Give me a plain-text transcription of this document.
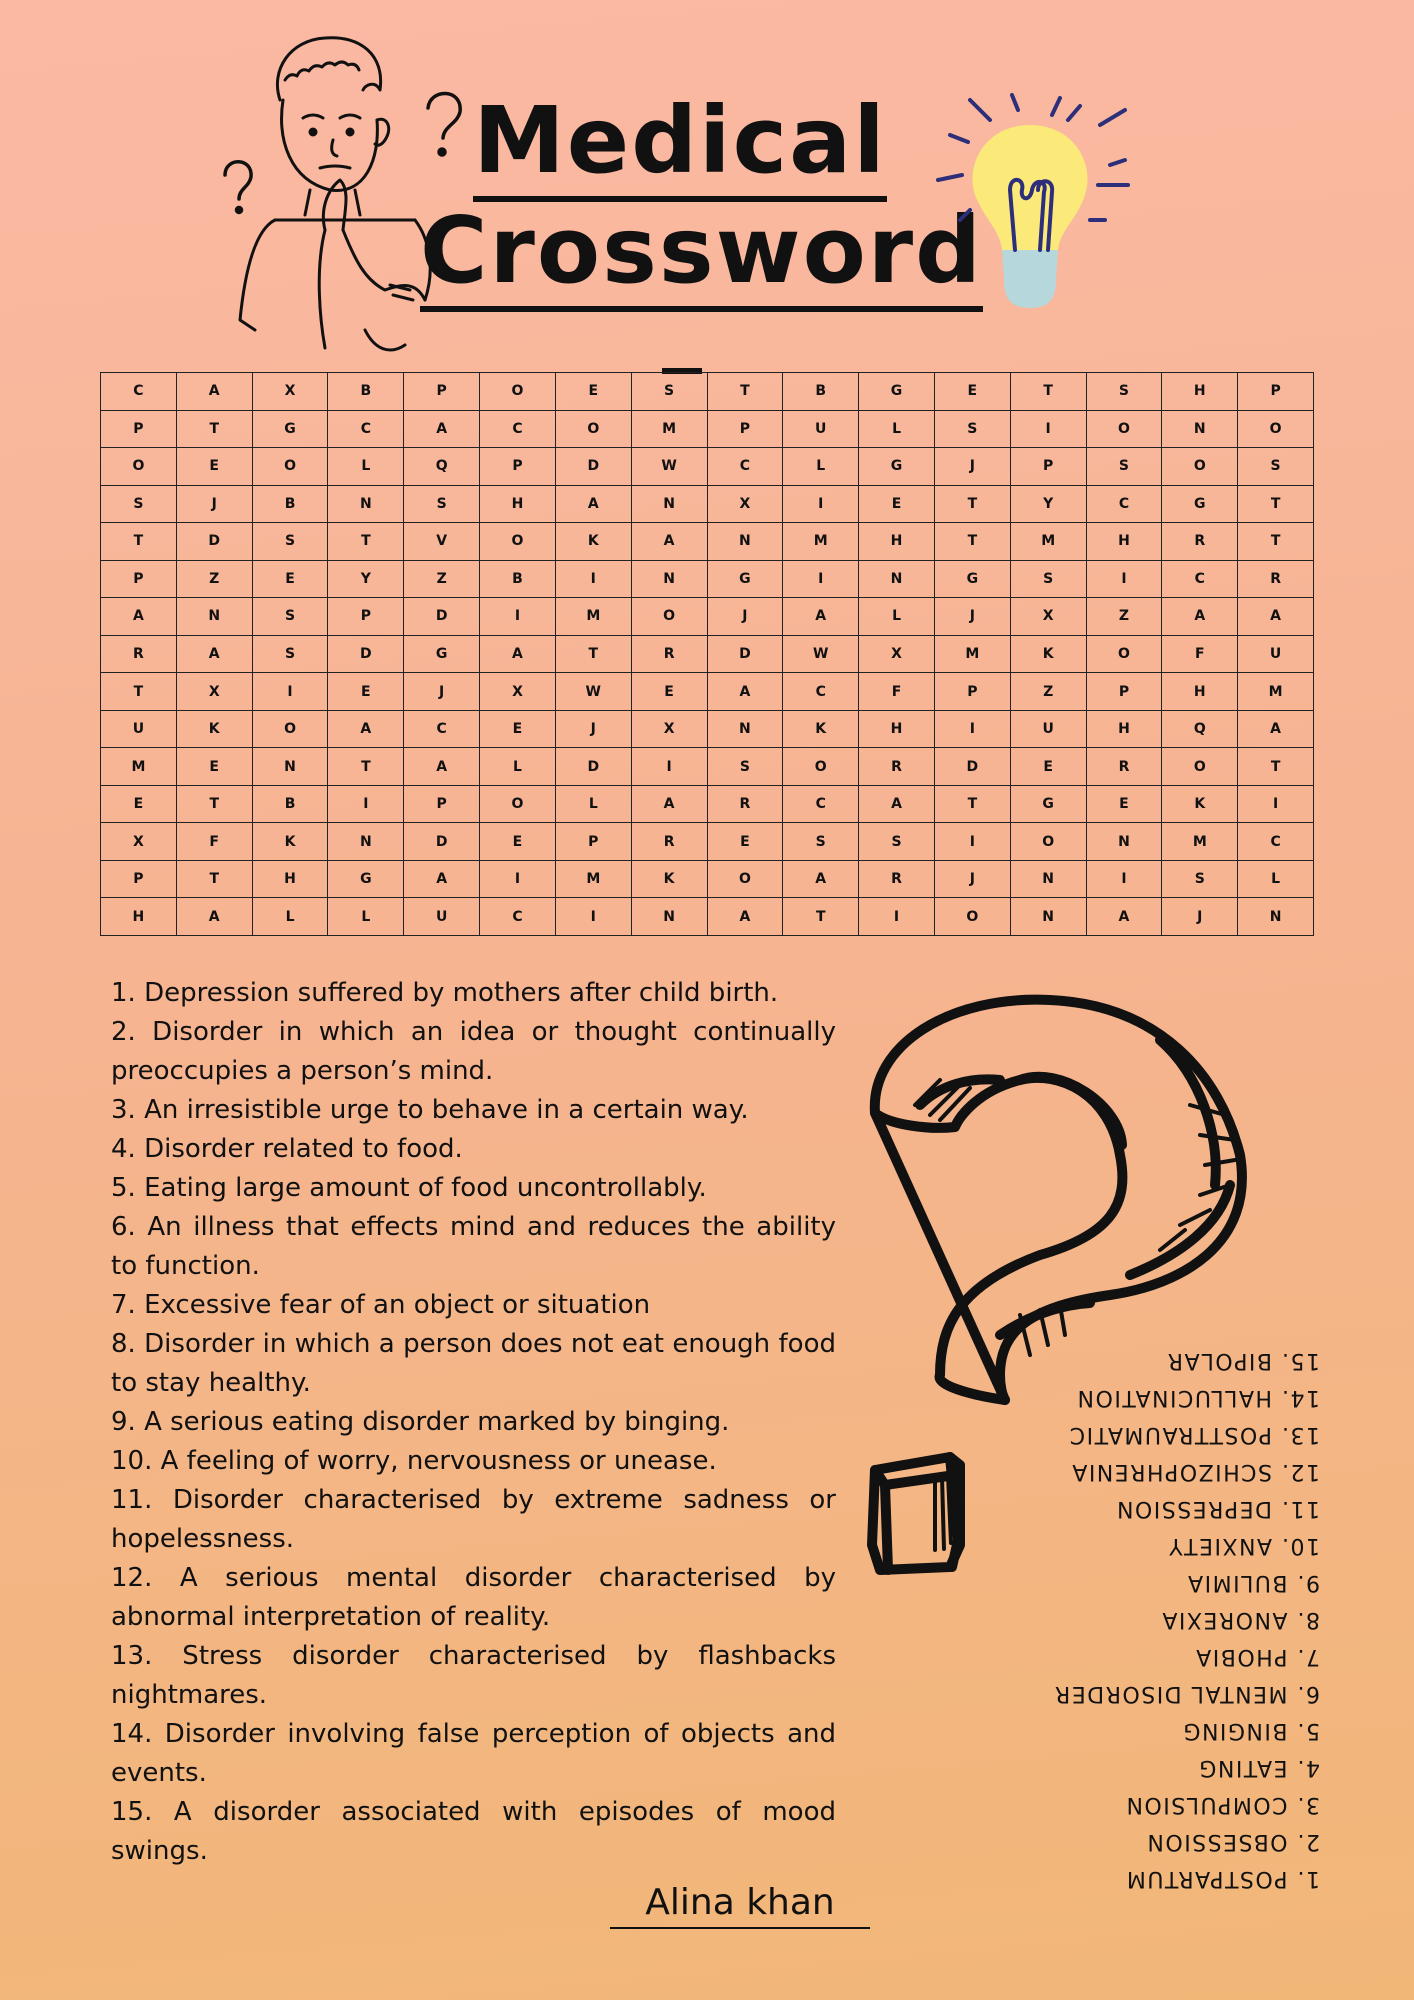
Medical
Crossword
C	A	X	B	P	O	E	S	T	B	G	E	T	S	H	P
P	T	G	C	A	C	O	M	P	U	L	S	I	O	N	O
O	E	O	L	Q	P	D	W	C	L	G	J	P	S	O	S
S	J	B	N	S	H	A	N	X	I	E	T	Y	C	G	T
T	D	S	T	V	O	K	A	N	M	H	T	M	H	R	T
P	Z	E	Y	Z	B	I	N	G	I	N	G	S	I	C	R
A	N	S	P	D	I	M	O	J	A	L	J	X	Z	A	A
R	A	S	D	G	A	T	R	D	W	X	M	K	O	F	U
T	X	I	E	J	X	W	E	A	C	F	P	Z	P	H	M
U	K	O	A	C	E	J	X	N	K	H	I	U	H	Q	A
M	E	N	T	A	L	D	I	S	O	R	D	E	R	O	T
E	T	B	I	P	O	L	A	R	C	A	T	G	E	K	I
X	F	K	N	D	E	P	R	E	S	S	I	O	N	M	C
P	T	H	G	A	I	M	K	O	A	R	J	N	I	S	L
H	A	L	L	U	C	I	N	A	T	I	O	N	A	J	N
1. Depression suffered by mothers after child birth.
2. Disorder in which an idea or thought continually preoccupies a person’s mind.
3. An irresistible urge to behave in a certain way.
4. Disorder related to food.
5. Eating large amount of food uncontrollably.
6. An illness that effects mind and reduces the ability to function.
7. Excessive fear of an object or situation
8. Disorder in which a person does not eat enough food to stay healthy.
9. A serious eating disorder marked by binging.
10. A feeling of worry, nervousness or unease.
11. Disorder characterised by extreme sadness or hopelessness.
12. A serious mental disorder characterised by abnormal interpretation of reality.
13. Stress disorder characterised by flashbacks nightmares.
14. Disorder involving false perception of objects and events.
15. A disorder associated with episodes of mood swings.
1. POSTPARTUM
2. OBSESSION
3. COMPULSION
4. EATING
5. BINGING
6. MENTAL DISORDER
7. PHOBIA
8. ANOREXIA
9. BULIMIA
10. ANXIETY
11. DEPRESSION
12. SCHIZOPHRENIA
13. POSTTRAUMATIC
14. HALLUCINATION
15. BIPOLAR
Alina khan
